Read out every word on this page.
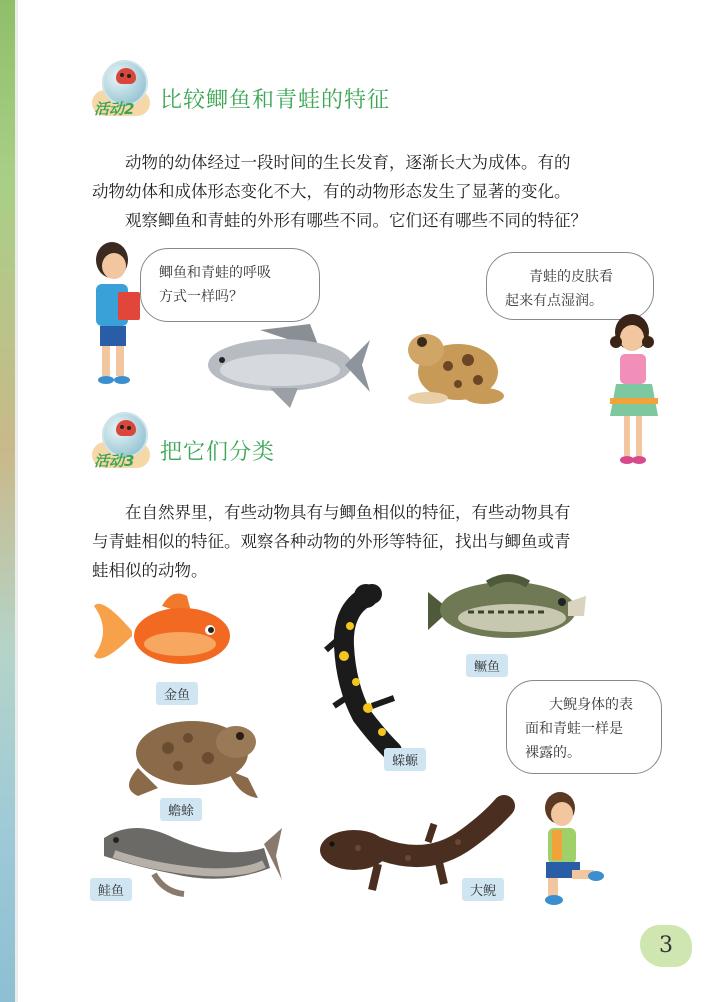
活动2 比较鲫鱼和青蛙的特征

动物的幼体经过一段时间的生长发育，逐渐长大为成体。有的

动物幼体和成体形态变化不大，有的动物形态发生了显著的变化。

观察鲫鱼和青蛙的外形有哪些不同。它们还有哪些不同的特征？

鲫鱼和青蛙的呼吸
方式一样吗？
青蛙的皮肤看
起来有点湿润。
活动3 把它们分类

在自然界里，有些动物具有与鲫鱼相似的特征，有些动物具有

与青蛙相似的特征。观察各种动物的外形等特征，找出与鲫鱼或青

蛙相似的动物。

金鱼
蝾螈
鳜鱼
蟾蜍
大鲵身体的表
面和青蛙一样是
裸露的。
鲑鱼	大鲵
3
